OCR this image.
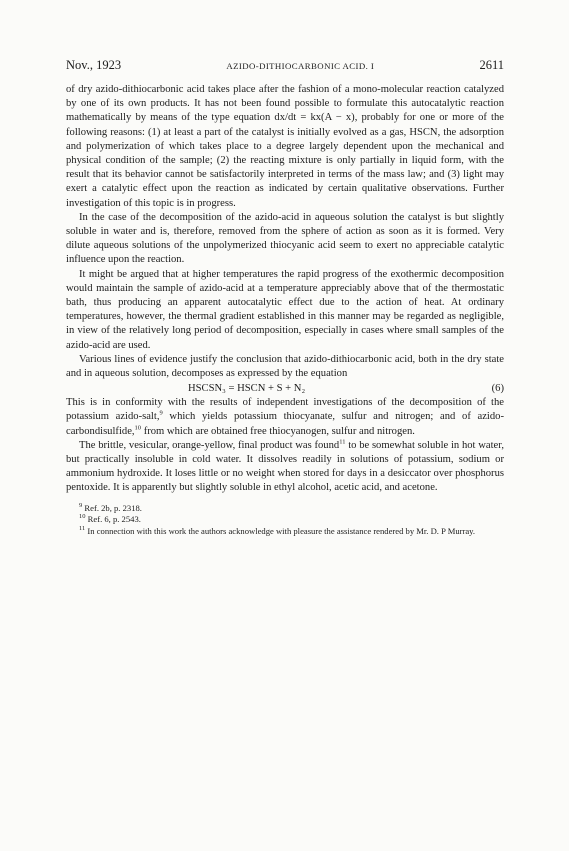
Nov., 1923	AZIDO-DITHIOCARBONIC ACID. I	2611

of dry azido-dithiocarbonic acid takes place after the fashion of a mono-molecular reaction catalyzed by one of its own products. It has not been found possible to formulate this autocatalytic reaction mathematically by means of the type equation dx/dt = kx(A − x), probably for one or more of the following reasons: (1) at least a part of the catalyst is initially evolved as a gas, HSCN, the adsorption and polymerization of which takes place to a degree largely dependent upon the mechanical and physical condition of the sample; (2) the reacting mixture is only partially in liquid form, with the result that its behavior cannot be satisfactorily interpreted in terms of the mass law; and (3) light may exert a catalytic effect upon the reaction as indicated by certain qualitative observations. Further investigation of this topic is in progress.

In the case of the decomposition of the azido-acid in aqueous solution the catalyst is but slightly soluble in water and is, therefore, removed from the sphere of action as soon as it is formed. Very dilute aqueous solutions of the unpolymerized thiocyanic acid seem to exert no appreciable catalytic influence upon the reaction.

It might be argued that at higher temperatures the rapid progress of the exothermic decomposition would maintain the sample of azido-acid at a temperature appreciably above that of the thermostatic bath, thus producing an apparent autocatalytic effect due to the action of heat. At ordinary temperatures, however, the thermal gradient established in this manner may be regarded as negligible, in view of the relatively long period of decomposition, especially in cases where small samples of the azido-acid are used.

Various lines of evidence justify the conclusion that azido-dithiocarbonic acid, both in the dry state and in aqueous solution, decomposes as expressed by the equation

HSCSN₃ = HSCN + S + N₂	(6)

This is in conformity with the results of independent investigations of the decomposition of the potassium azido-salt,$^9$ which yields potassium thiocyanate, sulfur and nitrogen; and of azido-carbondisulfide,$^{10}$ from which are obtained free thiocyanogen, sulfur and nitrogen.

The brittle, vesicular, orange-yellow, final product was found$^{11}$ to be somewhat soluble in hot water, but practically insoluble in cold water. It dissolves readily in solutions of potassium, sodium or ammonium hydroxide. It loses little or no weight when stored for days in a desiccator over phosphorus pentoxide. It is apparently but slightly soluble in ethyl alcohol, acetic acid, and acetone.

$^9$ Ref. 2b, p. 2318.

$^{10}$ Ref. 6, p. 2543.

$^{11}$ In connection with this work the authors acknowledge with pleasure the assistance rendered by Mr. D. P Murray.
